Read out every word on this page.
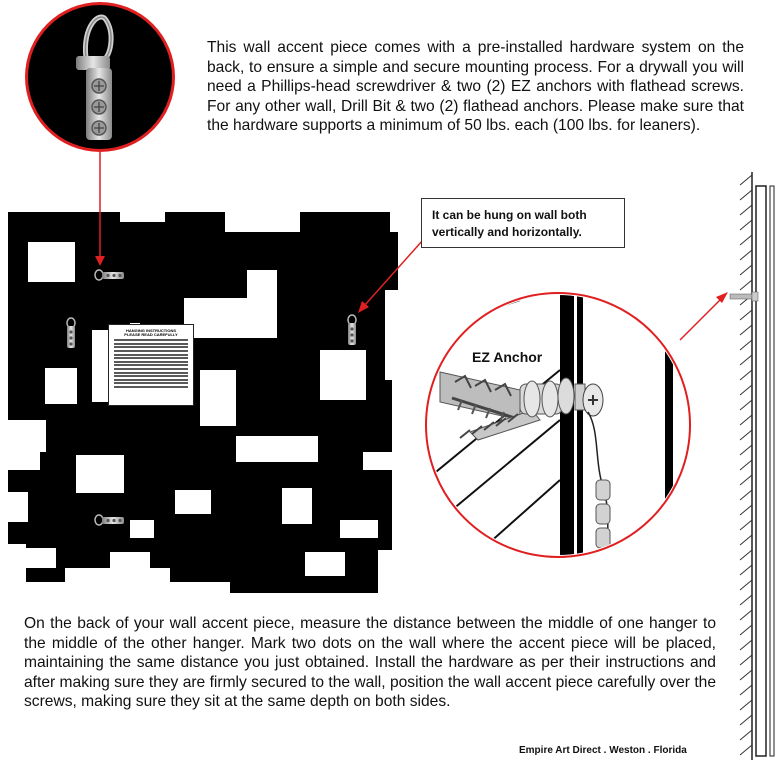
HANGING INSTRUCTIONS
PLEASE READ CAREFULLY
EZ Anchor
This wall accent piece comes with a pre-installed hardware system on the back, to ensure a simple and secure mounting process. For a drywall you will need a Phillips-head screwdriver & two (2) EZ anchors with flathead screws. For any other wall, Drill Bit & two (2) flathead anchors. Please make sure that the hardware supports a minimum of 50 lbs. each (100 lbs. for leaners).
It can be hung on wall both vertically and horizontally.
On the back of your wall accent piece, measure the distance between the middle of one hanger to the middle of the other hanger. Mark two dots on the wall where the accent piece will be placed, maintaining the same distance you just obtained. Install the hardware as per their instructions and after making sure they are firmly secured to the wall, position the wall accent piece carefully over the screws, making sure they sit at the same depth on both sides.
Empire Art Direct . Weston . Florida
